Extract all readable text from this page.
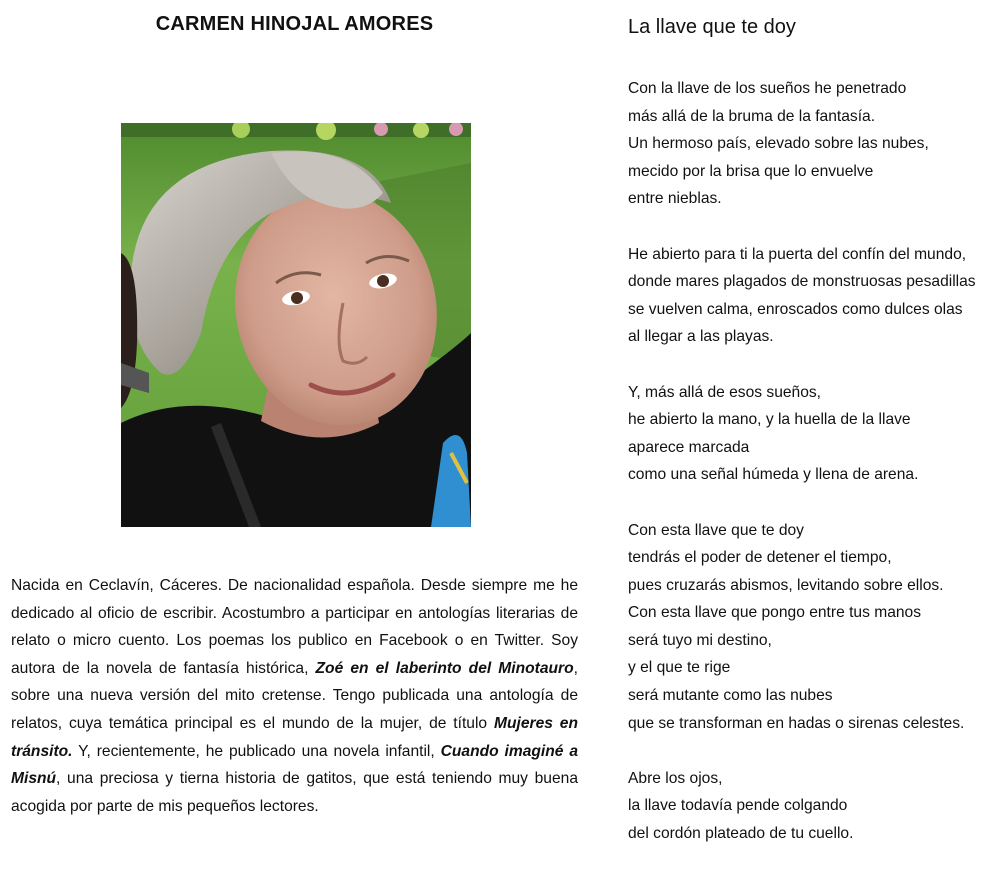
CARMEN HINOJAL AMORES

Nacida en Ceclavín, Cáceres. De nacionalidad española. Desde siempre me he dedicado al oficio de escribir. Acostumbro a participar en antologías literarias de relato o micro cuento. Los poemas los publico en Facebook o en Twitter. Soy autora de la novela de fantasía histórica, Zoé en el laberinto del Minotauro, sobre una nueva versión del mito cretense. Tengo publicada una antología de relatos, cuya temática principal es el mundo de la mujer, de título Mujeres en tránsito. Y, recientemente, he publicado una novela infantil, Cuando imaginé a Misnú, una preciosa y tierna historia de gatitos, que está teniendo muy buena acogida por parte de mis pequeños lectores.

La llave que te doy

Con la llave de los sueños he penetrado
más allá de la bruma de la fantasía.
Un hermoso país, elevado sobre las nubes,
mecido por la brisa que lo envuelve
entre nieblas.

He abierto para ti la puerta del confín del mundo,
donde mares plagados de monstruosas pesadillas
se vuelven calma, enroscados como dulces olas
al llegar a las playas.

Y, más allá de esos sueños,
he abierto la mano, y la huella de la llave
aparece marcada
como una señal húmeda y llena de arena.

Con esta llave que te doy
tendrás el poder de detener el tiempo,
pues cruzarás abismos, levitando sobre ellos.
Con esta llave que pongo entre tus manos
será tuyo mi destino,
y el que te rige
será mutante como las nubes
que se transforman en hadas o sirenas celestes.

Abre los ojos,
la llave todavía pende colgando
del cordón plateado de tu cuello.
